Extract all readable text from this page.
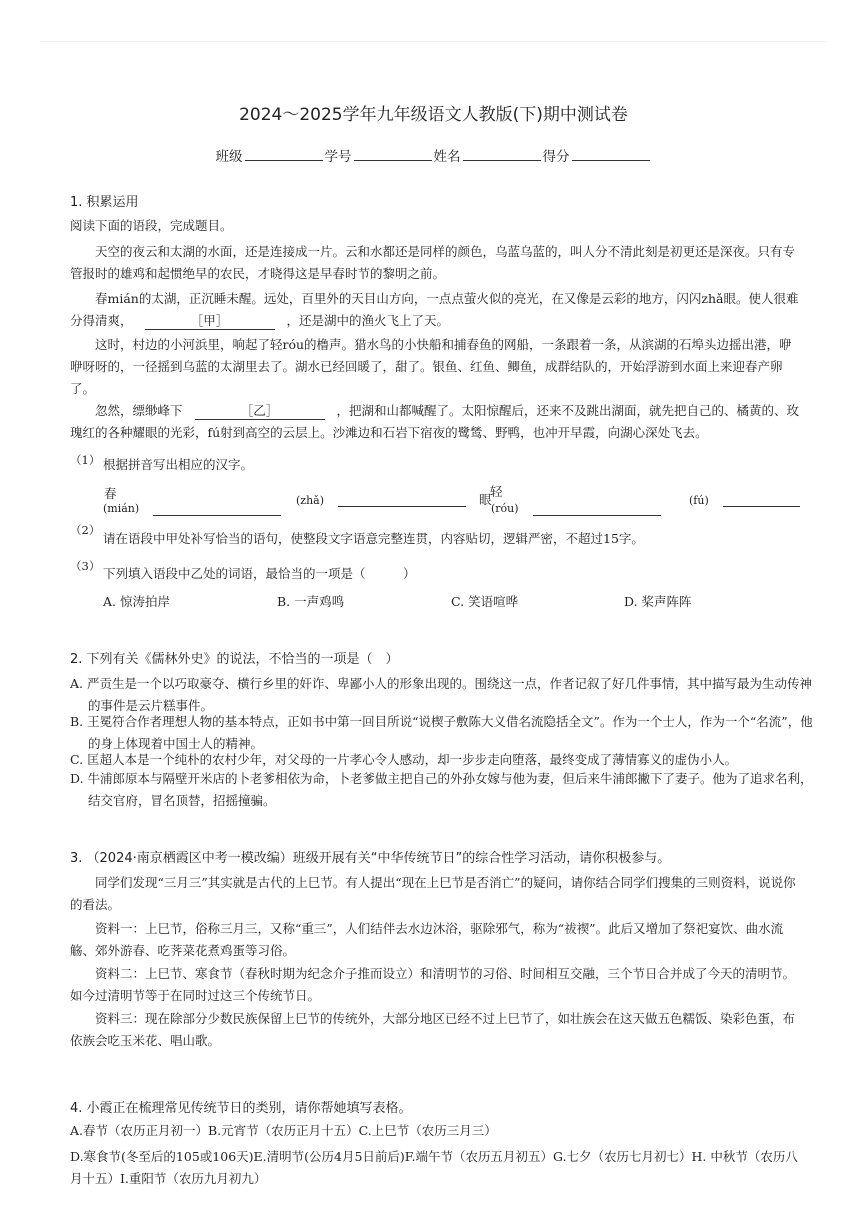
2024～2025学年九年级语文人教版(下)期中测试卷
班级	学号	姓名	得分
1. 积累运用
阅读下面的语段，完成题目。
天空的夜云和太湖的水面，还是连接成一片。云和水都还是同样的颜色，乌蓝乌蓝的，叫人分不清此刻是初更还是深夜。只有专管报时的雄鸡和起惯绝早的农民，才晓得这是早春时节的黎明之前。
春mián的太湖，正沉睡未醒。远处，百里外的天目山方向，一点点萤火似的亮光，在又像是云彩的地方，闪闪zhǎ眼。使人很难分得清爽，	［甲］	，还是湖中的渔火飞上了天。
这时，村边的小河浜里，响起了轻róu的橹声。猎水鸟的小快船和捕春鱼的网船，一条跟着一条，从滨湖的石埠头边摇出港，咿咿呀呀的，一径摇到乌蓝的太湖里去了。湖水已经回暖了，甜了。银鱼、红鱼、鲫鱼，成群结队的，开始浮游到水面上来迎春产卵了。
忽然，缥缈峰下	［乙］	，把湖和山都喊醒了。太阳惊醒后，还来不及跳出湖面，就先把自己的、橘黄的、玫瑰红的各种耀眼的光彩，fú射到高空的云层上。沙滩边和石岩下宿夜的鹭鸶、野鸭，也冲开早霞，向湖心深处飞去。
（1） 根据拼音写出相应的汉字。
春
(mián)
(zhǎ)	眼
轻
(róu)
(fú)
（2）
请在语段中甲处补写恰当的语句，使整段文字语意完整连贯，内容贴切，逻辑严密，不超过15字。
（3） 下列填入语段中乙处的词语，最恰当的一项是（　　　）
A. 惊涛拍岸	B. 一声鸡鸣	C. 笑语喧哗	D. 桨声阵阵
2. 下列有关《儒林外史》的说法，不恰当的一项是（　）
A. 严贡生是一个以巧取豪夺、横行乡里的奸诈、卑鄙小人的形象出现的。围绕这一点，作者记叙了好几件事情，其中描写最为生动传神的事件是云片糕事件。
B. 王冕符合作者理想人物的基本特点，正如书中第一回目所说“说楔子敷陈大义借名流隐括全文”。作为一个士人，作为一个“名流”，他的身上体现着中国士人的精神。
C. 匡超人本是一个纯朴的农村少年，对父母的一片孝心令人感动，却一步步走向堕落，最终变成了薄情寡义的虚伪小人。
D. 牛浦郎原本与隔壁开米店的卜老爹相依为命，卜老爹做主把自己的外孙女嫁与他为妻，但后来牛浦郎撇下了妻子。他为了追求名利，结交官府，冒名顶替，招摇撞骗。
3. （2024·南京栖霞区中考一模改编）班级开展有关“中华传统节日”的综合性学习活动，请你积极参与。
同学们发现“三月三”其实就是古代的上巳节。有人提出“现在上巳节是否消亡”的疑问，请你结合同学们搜集的三则资料，说说你的看法。
资料一：上巳节，俗称三月三，又称“重三”，人们结伴去水边沐浴，驱除邪气，称为“祓禊”。此后又增加了祭祀宴饮、曲水流觞、郊外游春、吃荠菜花煮鸡蛋等习俗。
资料二：上巳节、寒食节（春秋时期为纪念介子推而设立）和清明节的习俗、时间相互交融，三个节日合并成了今天的清明节。如今过清明节等于在同时过这三个传统节日。
资料三：现在除部分少数民族保留上巳节的传统外，大部分地区已经不过上巳节了，如壮族会在这天做五色糯饭、染彩色蛋，布依族会吃玉米花、唱山歌。
4. 小霞正在梳理常见传统节日的类别，请你帮她填写表格。
A.春节（农历正月初一）B.元宵节（农历正月十五）C.上巳节（农历三月三）
D.寒食节(冬至后的105或106天)E.清明节(公历4月5日前后)F.端午节（农历五月初五）G.七夕（农历七月初七）H. 中秋节（农历八月十五）I.重阳节（农历九月初九）
